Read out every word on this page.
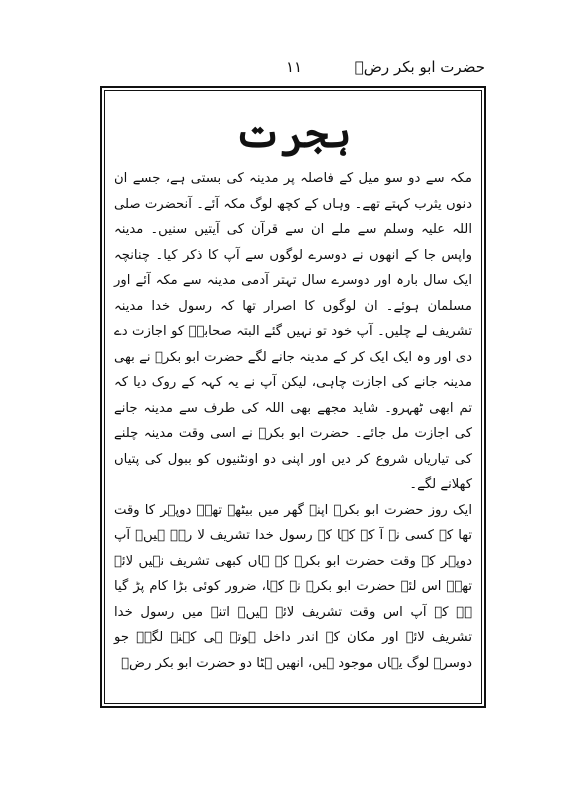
حضرت ابو بکر رضؓ
۱۱
ہجرت

مکہ سے دو سو میل کے فاصلہ پر مدینہ کی بستی ہے، جسے ان دنوں یثرب کہتے تھے۔ وہاں کے کچھ لوگ مکہ آئے۔ آنحضرت صلی اللہ علیہ وسلم سے ملے ان سے قرآن کی آیتیں سنیں۔ مدینہ واپس جا کے انھوں نے دوسرے لوگوں سے آپ کا ذکر کیا۔ چنانچہ ایک سال بارہ اور دوسرے سال تہتر آدمی مدینہ سے مکہ آئے اور مسلمان ہوئے۔ ان لوگوں کا اصرار تھا کہ رسول خدا مدینہ تشریف لے چلیں۔ آپ خود تو نہیں گئے البتہ صحابہؓ کو اجازت دے دی اور وہ ایک ایک کر کے مدینہ جانے لگے حضرت ابو بکرؓ نے بھی مدینہ جانے کی اجازت چاہی، لیکن آپ نے یہ کہہ کے روک دیا کہ تم ابھی ٹھہرو۔ شاید مجھے بھی اللہ کی طرف سے مدینہ جانے کی اجازت مل جائے۔ حضرت ابو بکرؓ نے اسی وقت مدینہ چلنے کی تیاریاں شروع کر دیں اور اپنی دو اونٹنیوں کو ببول کی پتیاں کھلانے لگے۔

ایک روز حضرت ابو بکرؓ اپنے گھر میں بیٹھے تھے۔ دوپہر کا وقت تھا کہ کسی نے آ کے کہا کہ رسول خدا تشریف لا رہے ہیں۔ آپ دوپہر کے وقت حضرت ابو بکرؓ کے ہاں کبھی تشریف نہیں لائے تھے۔ اس لئے حضرت ابو بکرؓ نے کہا، ضرور کوئی بڑا کام پڑ گیا ہے کہ آپ اس وقت تشریف لائے ہیں۔ اتنے میں رسول خدا تشریف لائے اور مکان کے اندر داخل ہوتے ہی کہنے لگے۔ جو دوسرے لوگ یہاں موجود ہیں، انھیں ہٹا دو حضرت ابو بکر رضؓ
